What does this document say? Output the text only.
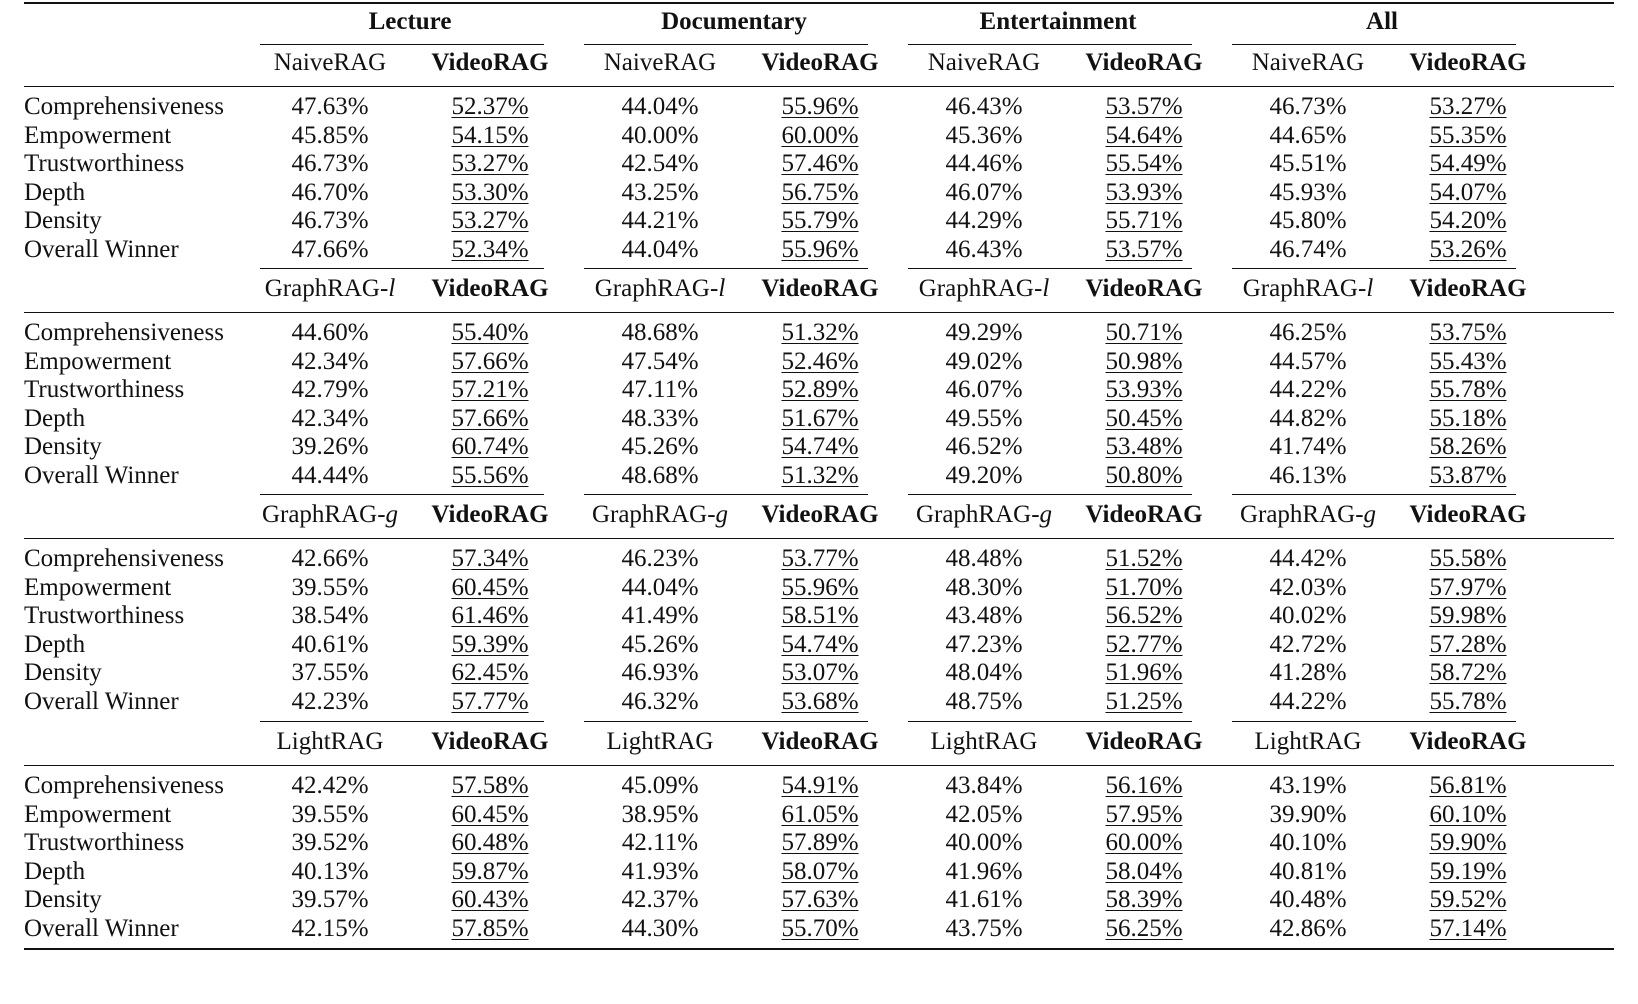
Lecture	Documentary	Entertainment	All
NaiveRAG	VideoRAG	NaiveRAG	VideoRAG	NaiveRAG	VideoRAG	NaiveRAG	VideoRAG
Comprehensiveness	47.63%	52.37%	44.04%	55.96%	46.43%	53.57%	46.73%	53.27%
Empowerment	45.85%	54.15%	40.00%	60.00%	45.36%	54.64%	44.65%	55.35%
Trustworthiness	46.73%	53.27%	42.54%	57.46%	44.46%	55.54%	45.51%	54.49%
Depth	46.70%	53.30%	43.25%	56.75%	46.07%	53.93%	45.93%	54.07%
Density	46.73%	53.27%	44.21%	55.79%	44.29%	55.71%	45.80%	54.20%
Overall Winner	47.66%	52.34%	44.04%	55.96%	46.43%	53.57%	46.74%	53.26%
GraphRAG-l	VideoRAG	GraphRAG-l	VideoRAG	GraphRAG-l	VideoRAG	GraphRAG-l	VideoRAG
Comprehensiveness	44.60%	55.40%	48.68%	51.32%	49.29%	50.71%	46.25%	53.75%
Empowerment	42.34%	57.66%	47.54%	52.46%	49.02%	50.98%	44.57%	55.43%
Trustworthiness	42.79%	57.21%	47.11%	52.89%	46.07%	53.93%	44.22%	55.78%
Depth	42.34%	57.66%	48.33%	51.67%	49.55%	50.45%	44.82%	55.18%
Density	39.26%	60.74%	45.26%	54.74%	46.52%	53.48%	41.74%	58.26%
Overall Winner	44.44%	55.56%	48.68%	51.32%	49.20%	50.80%	46.13%	53.87%
GraphRAG-g	VideoRAG	GraphRAG-g	VideoRAG	GraphRAG-g	VideoRAG	GraphRAG-g	VideoRAG
Comprehensiveness	42.66%	57.34%	46.23%	53.77%	48.48%	51.52%	44.42%	55.58%
Empowerment	39.55%	60.45%	44.04%	55.96%	48.30%	51.70%	42.03%	57.97%
Trustworthiness	38.54%	61.46%	41.49%	58.51%	43.48%	56.52%	40.02%	59.98%
Depth	40.61%	59.39%	45.26%	54.74%	47.23%	52.77%	42.72%	57.28%
Density	37.55%	62.45%	46.93%	53.07%	48.04%	51.96%	41.28%	58.72%
Overall Winner	42.23%	57.77%	46.32%	53.68%	48.75%	51.25%	44.22%	55.78%
LightRAG	VideoRAG	LightRAG	VideoRAG	LightRAG	VideoRAG	LightRAG	VideoRAG
Comprehensiveness	42.42%	57.58%	45.09%	54.91%	43.84%	56.16%	43.19%	56.81%
Empowerment	39.55%	60.45%	38.95%	61.05%	42.05%	57.95%	39.90%	60.10%
Trustworthiness	39.52%	60.48%	42.11%	57.89%	40.00%	60.00%	40.10%	59.90%
Depth	40.13%	59.87%	41.93%	58.07%	41.96%	58.04%	40.81%	59.19%
Density	39.57%	60.43%	42.37%	57.63%	41.61%	58.39%	40.48%	59.52%
Overall Winner	42.15%	57.85%	44.30%	55.70%	43.75%	56.25%	42.86%	57.14%
